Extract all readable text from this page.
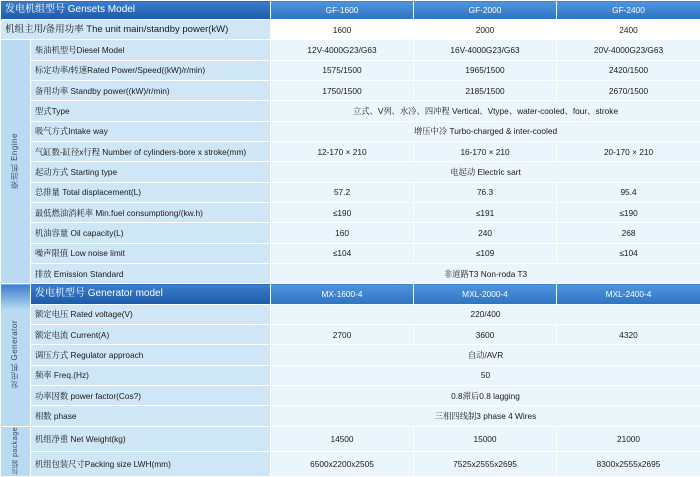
发电机组型号 Gensets Model		GF-1600	GF-2000	GF-2400
机组主用/备用功率 The unit main/standby power(kW)		1600	2000	2400
柴油机 Engine	柴油机型号Diesel Model	12V-4000G23/G63	16V-4000G23/G63	20V-4000G23/G63
	标定功率/转速Rated Power/Speed((kW)/r/min)	1575/1500	1965/1500	2420/1500
	备用功率 Standby power((kW)/r/min)	1750/1500	2185/1500	2670/1500
	型式Type	立式、V列、水冷、四冲程 Vertical、Vtype、water-cooled、four、stroke		
	吸气方式Intake way	增压中冷 Turbo-charged & inter-cooled		
	气缸数-缸径x行程 Number of cylinders-bore x stroke(mm)	12-170 × 210	16-170 × 210	20-170 × 210
	起动方式 Starting type	电起动 Electric sart		
	总排量 Total displacement(L)	57.2	76.3	95.4
	最低燃油消耗率 Min.fuel consumptiong/(kw.h)	≤190	≤191	≤190
	机油容量 Oil capacity(L)	160	240	268
	噪声限值 Low noise limit	≤104	≤109	≤104
	排放 Emission Standard	非道路T3 Non-roda T3		
发电机 Generator	发电机型号 Generator model	MX-1600-4	MXL-2000-4	MXL-2400-4
	额定电压 Rated voltage(V)	220/400		
	额定电流 Current(A)	2700	3600	4320
	调压方式 Regulator approach	自动/AVR		
	频率 Freq.(Hz)	50		
	功率因数 power factor(Cos?)	0.8滞后0.8 lagging		
	相数 phase	三相四线制3 phase 4 Wires		
包装 package	机组净重 Net Weight(kg)	14500	15000	21000
	机组包装尺寸Packing size LWH(mm)	6500x2200x2505	7525x2555x2695	8300x2555x2695
